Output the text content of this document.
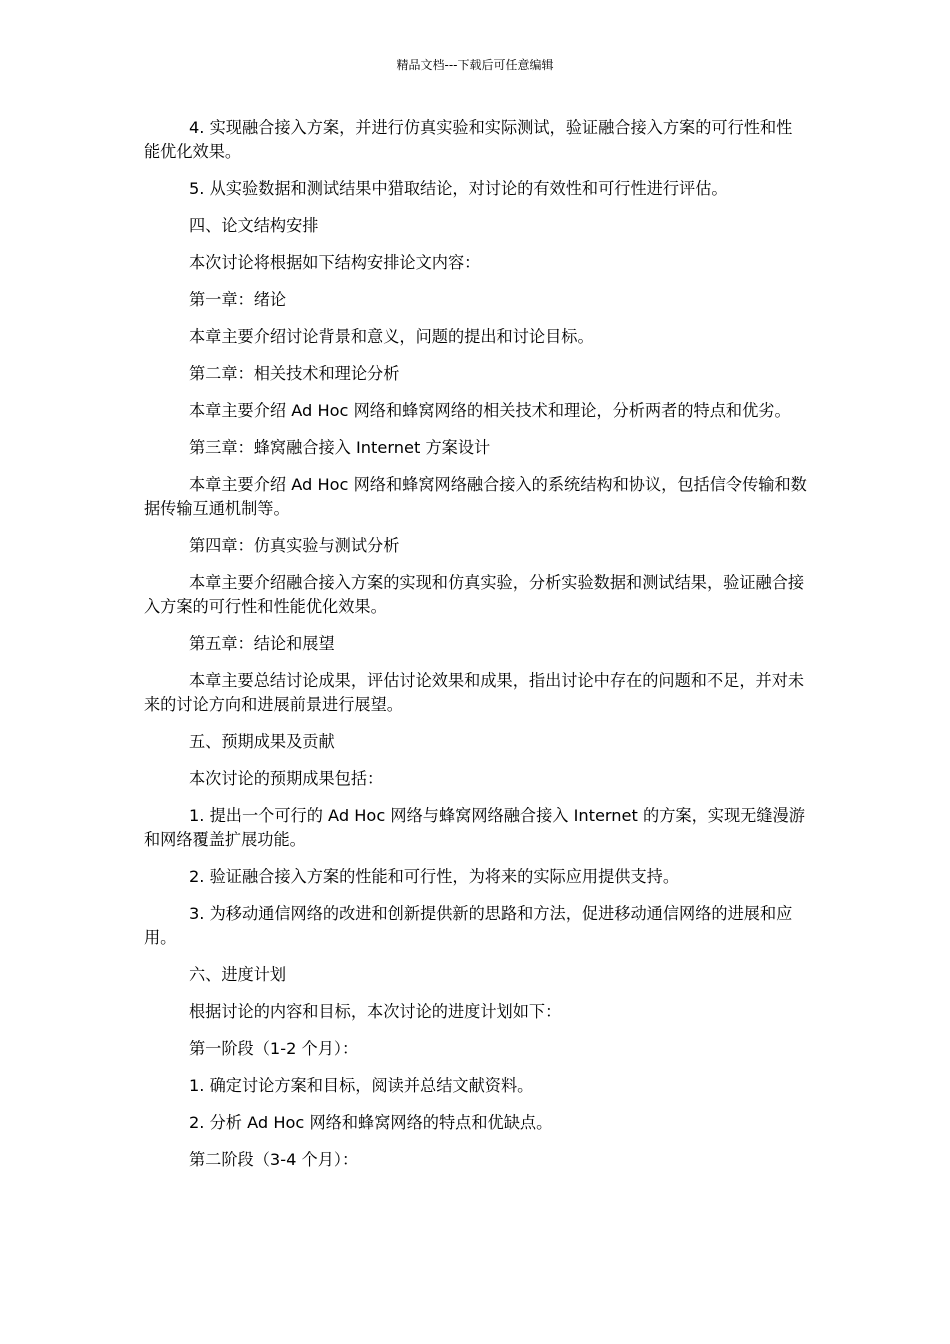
精品文档---下载后可任意编辑

4. 实现融合接入方案，并进行仿真实验和实际测试，验证融合接入方案的可行性和性能优化效果。

5. 从实验数据和测试结果中猎取结论，对讨论的有效性和可行性进行评估。

四、论文结构安排

本次讨论将根据如下结构安排论文内容：

第一章：绪论

本章主要介绍讨论背景和意义，问题的提出和讨论目标。

第二章：相关技术和理论分析

本章主要介绍 Ad Hoc 网络和蜂窝网络的相关技术和理论，分析两者的特点和优劣。

第三章：蜂窝融合接入 Internet 方案设计

本章主要介绍 Ad Hoc 网络和蜂窝网络融合接入的系统结构和协议，包括信令传输和数据传输互通机制等。

第四章：仿真实验与测试分析

本章主要介绍融合接入方案的实现和仿真实验，分析实验数据和测试结果，验证融合接入方案的可行性和性能优化效果。

第五章：结论和展望

本章主要总结讨论成果，评估讨论效果和成果，指出讨论中存在的问题和不足，并对未来的讨论方向和进展前景进行展望。

五、预期成果及贡献

本次讨论的预期成果包括：

1. 提出一个可行的 Ad Hoc 网络与蜂窝网络融合接入 Internet 的方案，实现无缝漫游和网络覆盖扩展功能。

2. 验证融合接入方案的性能和可行性，为将来的实际应用提供支持。

3. 为移动通信网络的改进和创新提供新的思路和方法，促进移动通信网络的进展和应用。

六、进度计划

根据讨论的内容和目标，本次讨论的进度计划如下：

第一阶段（1-2 个月）：

1. 确定讨论方案和目标，阅读并总结文献资料。

2. 分析 Ad Hoc 网络和蜂窝网络的特点和优缺点。

第二阶段（3-4 个月）：
